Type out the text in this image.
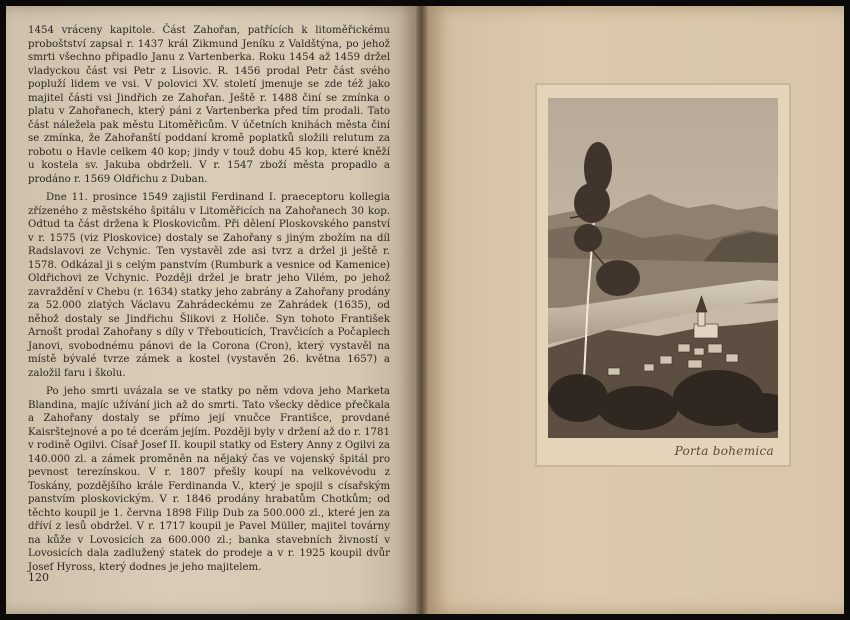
1454 vráceny kapitole. Část Zahořan, patřících k litoměřickému proboštství zapsal r. 1437 král Zikmund Jeníku z Valdštýna, po jehož smrti všechno připadlo Janu z Vartenberka. Roku 1454 až 1459 držel vladyckou část vsi Petr z Lisovic. R. 1456 prodal Petr část svého popluží lidem ve vsi. V polovici XV. století jmenuje se zde též jako majitel části vsi Jindřich ze Zahořan. Ještě r. 1488 činí se zmínka o platu v Zahořanech, který páni z Vartenberka před tím prodali. Tato část náležela pak městu Litoměřicům. V účetních knihách města činí se zmínka, že Zahořanští poddaní kromě poplatků složili relutum za robotu o Havle celkem 40 kop; jindy v touž dobu 45 kop, které kněží u kostela sv. Jakuba obdrželi. V r. 1547 zboží města propadlo a prodáno r. 1569 Oldřichu z Duban.

Dne 11. prosince 1549 zajistil Ferdinand I. praeceptoru kollegia zřízeného z městského špitálu v Litoměřicích na Zahořanech 30 kop. Odtud ta část držena k Ploskovicům. Při dělení Ploskovského panství v r. 1575 (viz Ploskovice) dostaly se Zahořany s jiným zbožím na díl Radslavovi ze Vchynic. Ten vystavěl zde asi tvrz a držel ji ještě r. 1578. Odkázal ji s celým panstvím (Rumburk a vesnice od Kamenice) Oldřichovi ze Vchynic. Později držel je bratr jeho Vilém, po jehož zavraždění v Chebu (r. 1634) statky jeho zabrány a Zahořany prodány za 52.000 zlatých Václavu Zahrádeckému ze Zahrádek (1635), od něhož dostaly se Jindřichu Šlikovi z Holiče. Syn tohoto František Arnošt prodal Zahořany s díly v Třebouticích, Travčicích a Počaplech Janovi, svobodnému pánovi de la Corona (Cron), který vystavěl na místě bývalé tvrze zámek a kostel (vystavěn 26. května 1657) a založil faru i školu.

Po jeho smrti uvázala se ve statky po něm vdova jeho Marketa Blandina, majíc užívání jich až do smrti. Tato všecky dědice přečkala a Zahořany dostaly se přímo její vnučce Františce, provdané Kaisrštejnové a po té dcerám jejím. Později byly v držení až do r. 1781 v rodině Ogilvi. Císař Josef II. koupil statky od Estery Anny z Ogilvi za 140.000 zl. a zámek proměněn na nějaký čas ve vojenský špitál pro pevnost terezínskou. V r. 1807 přešly koupí na velkovévodu z Toskány, pozdějšího krále Ferdinanda V., který je spojil s císařským panstvím ploskovickým. V r. 1846 prodány hrabatům Chotkům; od těchto koupil je 1. června 1898 Filip Dub za 500.000 zl., které jen za dříví z lesů obdržel. V r. 1717 koupil je Pavel Müller, majitel továrny na kůže v Lovosicích za 600.000 zl.; banka stavebních živností v Lovosicích dala zadlužený statek do prodeje a v r. 1925 koupil dvůr Josef Hyross, který dodnes je jeho majitelem.

120
Porta bohemica
